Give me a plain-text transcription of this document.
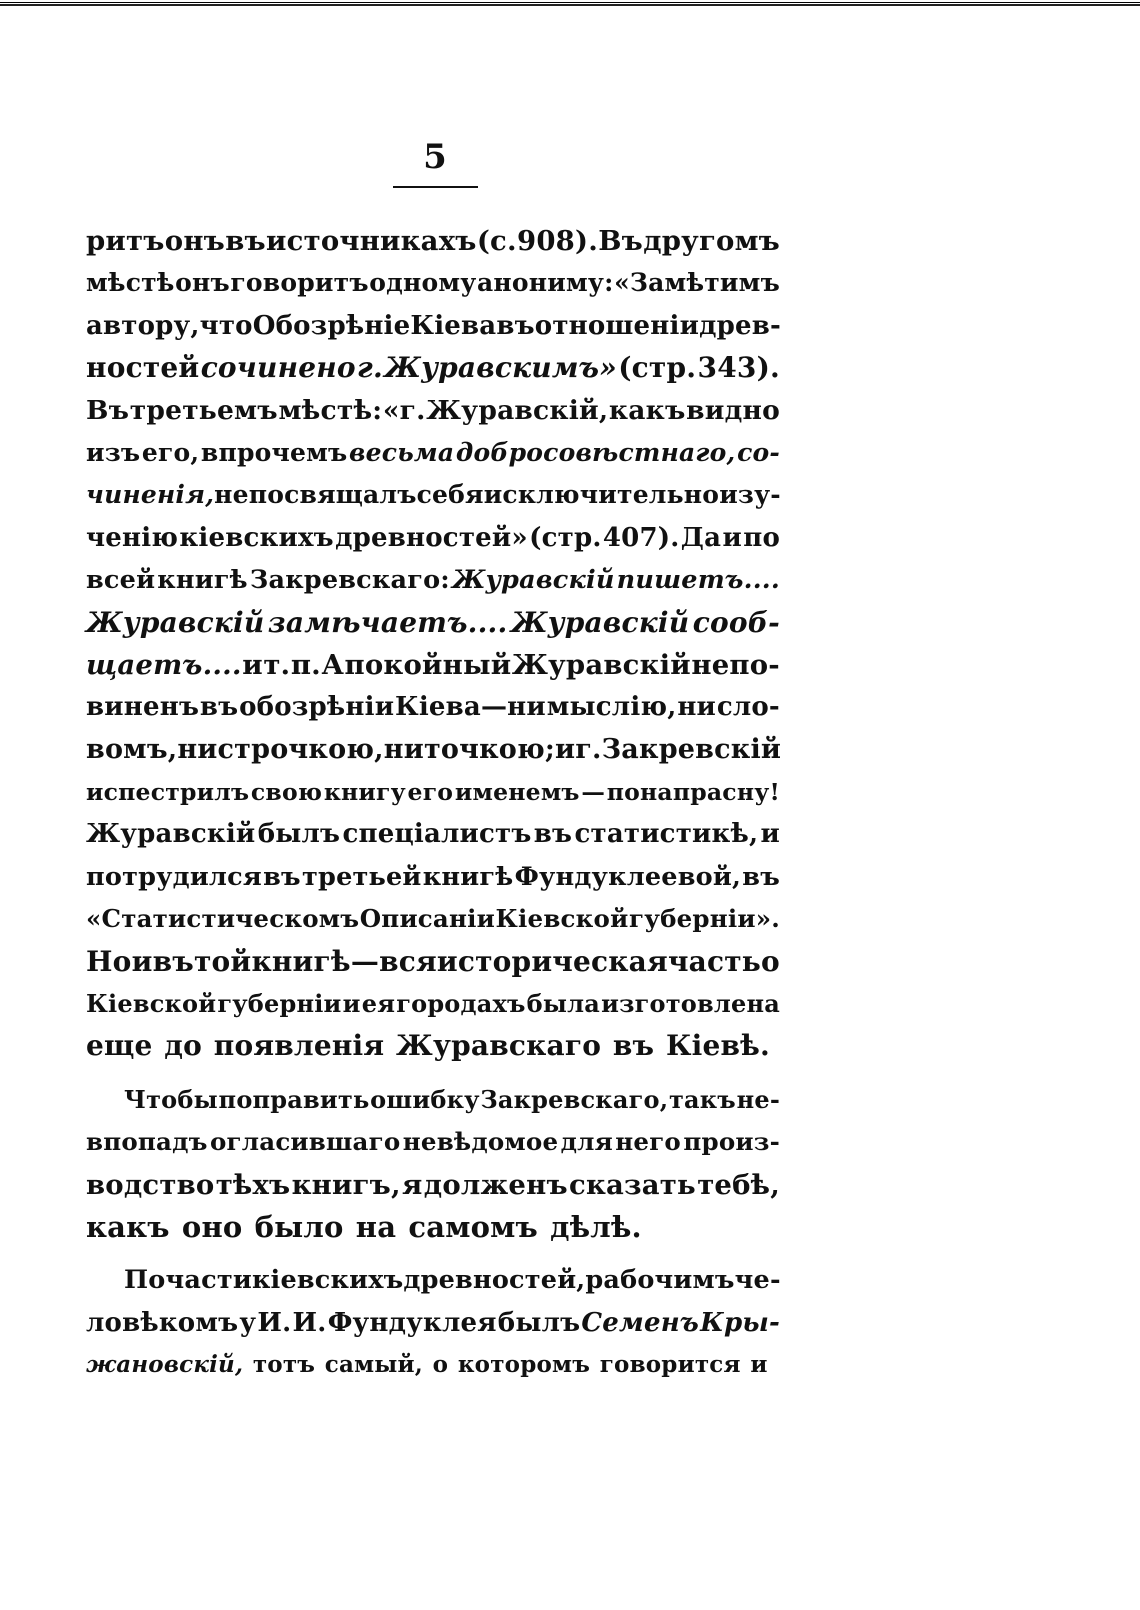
5
ритъ онъ въ источникахъ (с. 908). Въ другомъ
мѣстѣ онъ говоритъ одному анониму: «Замѣтимъ
автору, что Обозрѣніе Кіева въ отношеніи древ-
ностей сочинено г. Журавскимъ» (стр. 343).
Въ третьемъ мѣстѣ: «г. Журавскій, какъ видно
изъ его, впрочемъ весьма добросовѣстнаго, со-
чиненія, не посвящалъ себя исключительно изу-
ченію кіевскихъ древностей» (стр. 407). Да и по
всей книгѣ Закревскаго: Журавскій пишетъ....
Журавскій замѣчаетъ.... Журавскій сооб-
щаетъ.... и т. п. А покойный Журавскій непо-
виненъ въ обозрѣніи Кіева—ни мыслію, ни сло-
вомъ, ни строчкою, ни точкою; и г. Закревскій
испестрилъ свою книгу его именемъ — понапрасну!
Журавскій былъ спеціалистъ въ статистикѣ, и
потрудился въ третьей книгѣ Фундуклеевой, въ
«Статистическомъ Описаніи Кіевской губерніи».
Но и въ той книгѣ — вся историческая часть о
Кіевской губерніи и ея городахъ была изготовлена
еще до появленія Журавскаго въ Кіевѣ.
Чтобы поправить ошибку Закревскаго, такъ не-
впопадъ огласившаго невѣдомое для него произ-
водство тѣхъ книгъ, я долженъ сказать тебѣ,
какъ оно было на самомъ дѣлѣ.
По части кіевскихъ древностей, рабочимъ че-
ловѣкомъ у И. И. Фундуклея былъ Семенъ Кры-
жановскій, тотъ самый, о которомъ говорится и
